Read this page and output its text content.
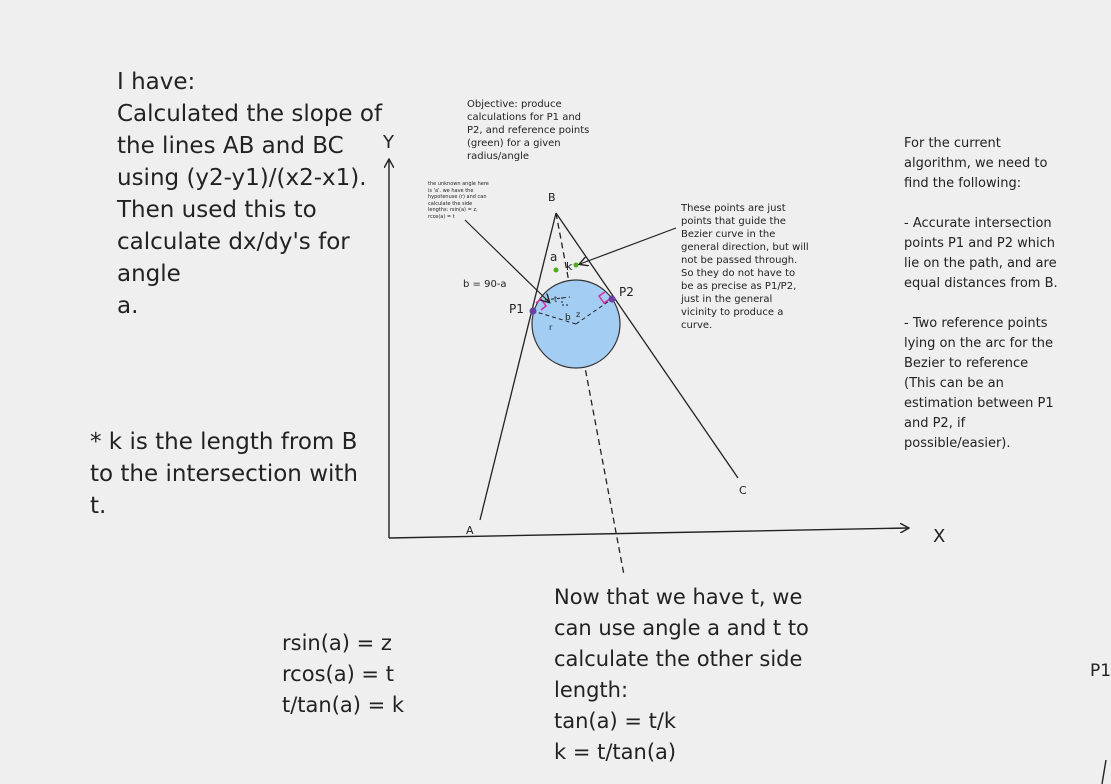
I have:
Calculated the slope of
the lines AB and BC
using (y2-y1)/(x2-x1).
Then used this to
calculate dx/dy's for angle
a.
* k is the length from B
to the intersection with
t.
rsin(a) = z
rcos(a) = t
t/tan(a) = k
Now that we have t, we
can use angle a and t to
calculate the other side
length:
tan(a) = t/k
k = t/tan(a)
Objective: produce
calculations for P1 and
P2, and reference points
(green) for a given
radius/angle
the unknown angle here
is 'a'. we have the
hypotenuse (r) and can
calculate the side
lengths: rsin(a) = z,
rcos(a) = t
These points are just
points that guide the
Bezier curve in the
general direction, but will
not be passed through.
So they do not have to
be as precise as P1/P2,
just in the general
vicinity to produce a
curve.
For the current
algorithm, we need to
find the following:

- Accurate intersection
points P1 and P2 which
lie on the path, and are
equal distances from B.

- Two reference points
lying on the arc for the
Bezier to reference
(This can be an
estimation between P1
and P2, if
possible/easier).
P1
Y
X
A
B
C
P1
P2
a
k
b = 90-a
t
b z
r
